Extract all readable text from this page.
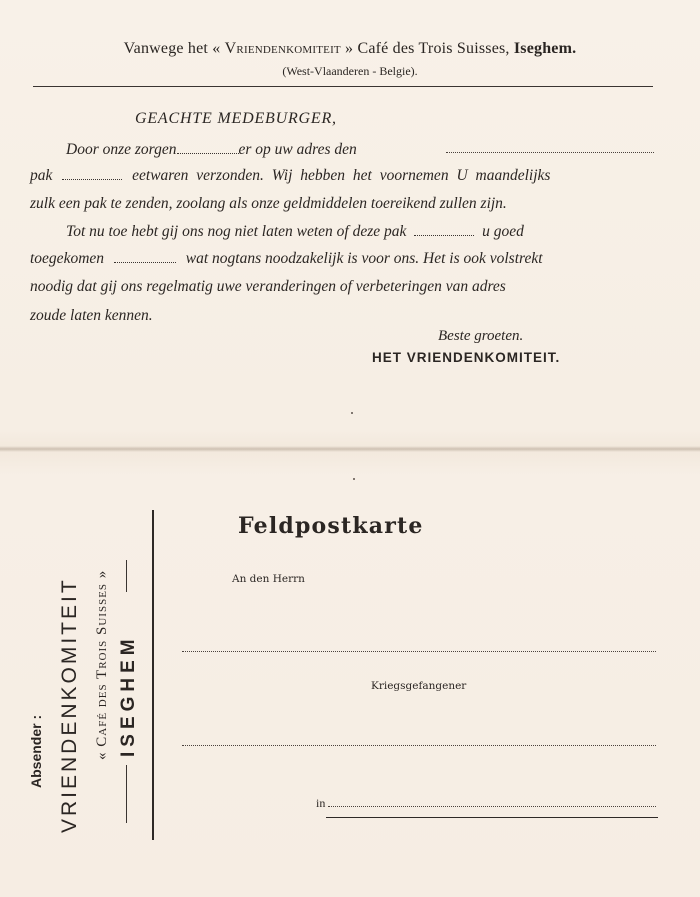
Vanwege het « Vriendenkomiteit » Café des Trois Suisses, Iseghem.
(West-Vlaanderen - Belgie).
GEACHTE MEDEBURGER,
Door onze zorgen	er op uw adres den
pak	eetwaren verzonden. Wij hebben het voornemen U maandelijks
zulk een pak te zenden, zoolang als onze geldmiddelen toereikend zullen zijn.
Tot nu toe hebt gij ons nog niet laten weten of deze pak	u goed
toegekomen	wat nogtans noodzakelijk is voor ons. Het is ook volstrekt
noodig dat gij ons regelmatig uwe veranderingen of verbeteringen van adres
zoude laten kennen.
Beste groeten.
HET VRIENDENKOMITEIT.
Absender : VRIENDENKOMITEIT « Café des Trois Suisses » ISEGHEM
Feldpostkarte
An den Herrn
Kriegsgefangener
in
